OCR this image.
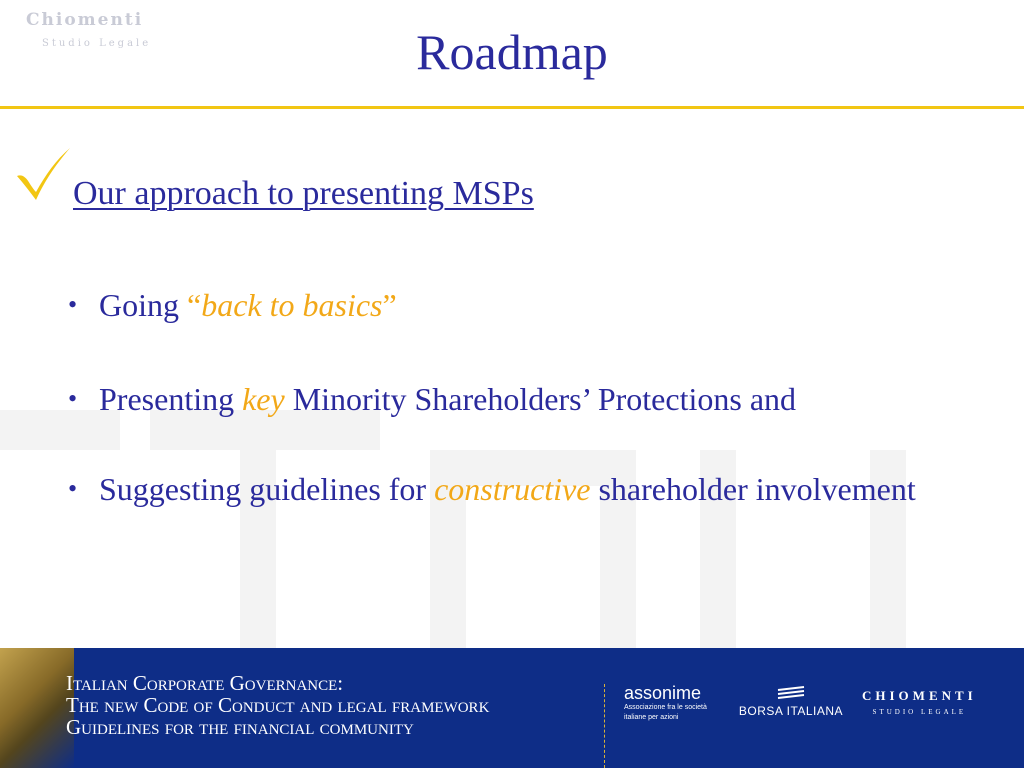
Chiomenti
Studio Legale	Roadmap
Our approach to presenting MSPs
• Going “back to basics”
• Presenting key Minority Shareholders’ Protections and
• Suggesting guidelines for constructive shareholder involvement
Italian Corporate Governance:
The new Code of Conduct and legal framework
Guidelines for the financial community
assonime
Associazione fra le società
italiane per azioni	BORSA ITALIANA
CHIOMENTI
STUDIO LEGALE
